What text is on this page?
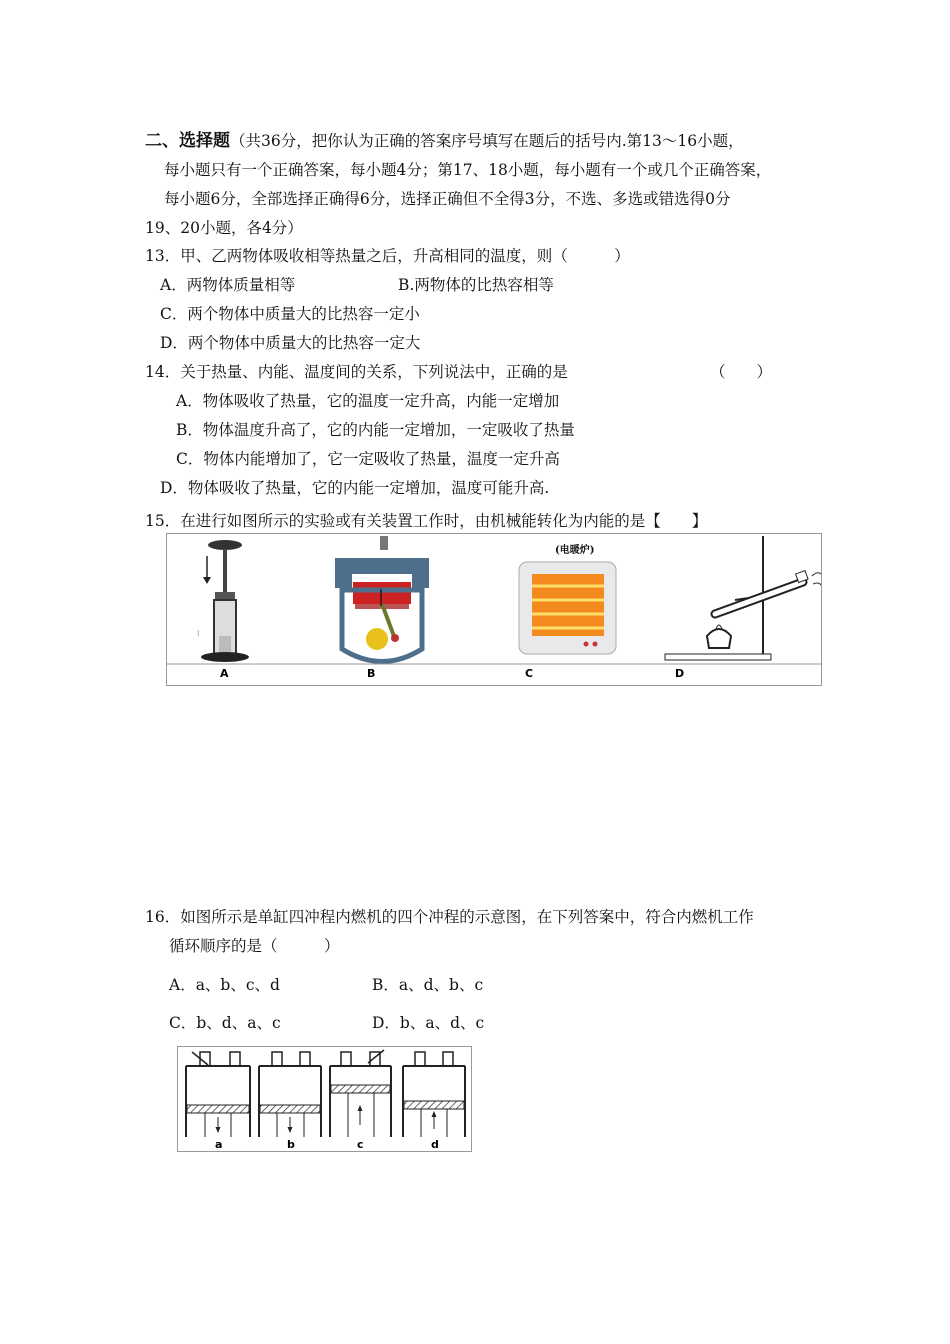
二、选择题（共36分，把你认为正确的答案序号填写在题后的括号内.第13～16小题，
每小题只有一个正确答案，每小题4分；第17、18小题，每小题有一个或几个正确答案，
每小题6分，全部选择正确得6分，选择正确但不全得3分，不选、多选或错选得0分
19、20小题，各4分）
13．甲、乙两物体吸收相等热量之后，升高相同的温度，则（　　　）
A．两物体质量相等	B.两物体的比热容相等
C．两个物体中质量大的比热容一定小
D．两个物体中质量大的比热容一定大
14．关于热量、内能、温度间的关系，下列说法中，正确的是	（　　）
A．物体吸收了热量，它的温度一定升高，内能一定增加
B．物体温度升高了，它的内能一定增加，一定吸收了热量
C．物体内能增加了，它一定吸收了热量，温度一定升高
D．物体吸收了热量，它的内能一定增加，温度可能升高.
15．在进行如图所示的实验或有关装置工作时，由机械能转化为内能的是【　　】
⁝
(电暖炉)
A	B	C	D
16．如图所示是单缸四冲程内燃机的四个冲程的示意图，在下列答案中，符合内燃机工作
循环顺序的是（　　　）
A．a、b、c、d	B．a、d、b、c
C．b、d、a、c	D．b、a、d、c
a	b	c	d
